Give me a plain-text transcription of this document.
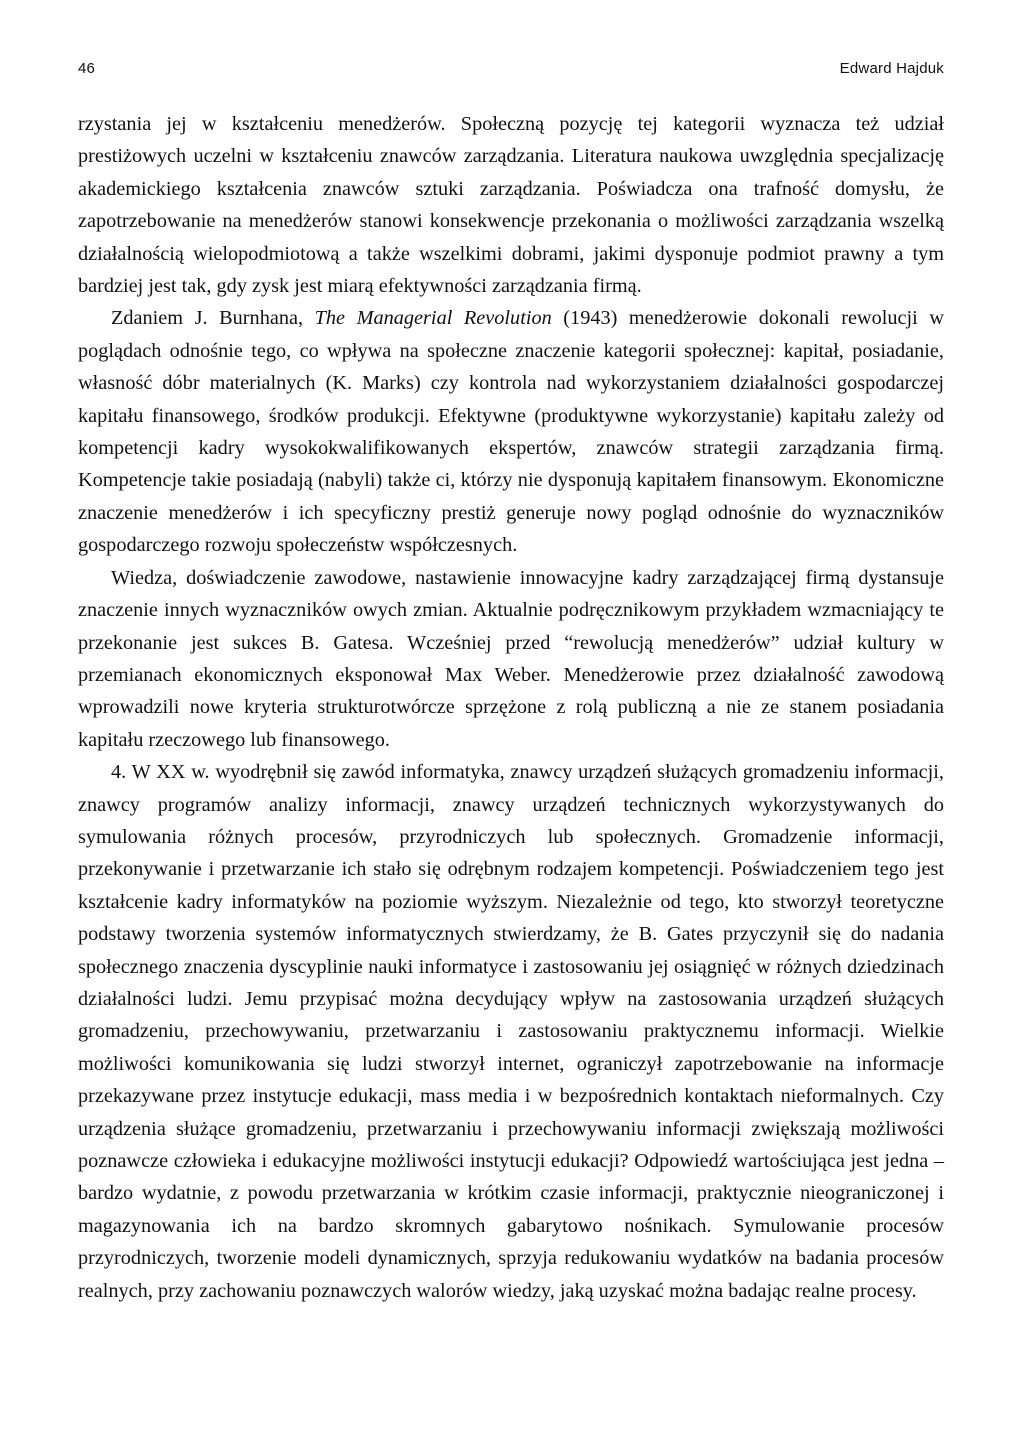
46	Edward Hajduk

rzystania jej w kształceniu menedżerów. Społeczną pozycję tej kategorii wyznacza też udział prestiżowych uczelni w kształceniu znawców zarządzania. Literatura naukowa uwzględnia specjalizację akademickiego kształcenia znawców sztuki zarządzania. Poświadcza ona trafność domysłu, że zapotrzebowanie na menedżerów stanowi konsekwencje przekonania o możliwości zarządzania wszelką działalnością wielopodmiotową a także wszelkimi dobrami, jakimi dysponuje podmiot prawny a tym bardziej jest tak, gdy zysk jest miarą efektywności zarządzania firmą.

Zdaniem J. Burnhana, The Managerial Revolution (1943) menedżerowie dokonali rewolucji w poglądach odnośnie tego, co wpływa na społeczne znaczenie kategorii społecznej: kapitał, posiadanie, własność dóbr materialnych (K. Marks) czy kontrola nad wykorzystaniem działalności gospodarczej kapitału finansowego, środków produkcji. Efektywne (produktywne wykorzystanie) kapitału zależy od kompetencji kadry wysokokwalifikowanych ekspertów, znawców strategii zarządzania firmą. Kompetencje takie posiadają (nabyli) także ci, którzy nie dysponują kapitałem finansowym. Ekonomiczne znaczenie menedżerów i ich specyficzny prestiż generuje nowy pogląd odnośnie do wyznaczników gospodarczego rozwoju społeczeństw współczesnych.

Wiedza, doświadczenie zawodowe, nastawienie innowacyjne kadry zarządzającej firmą dystansuje znaczenie innych wyznaczników owych zmian. Aktualnie podręcznikowym przykładem wzmacniający te przekonanie jest sukces B. Gatesa. Wcześniej przed “rewolucją menedżerów” udział kultury w przemianach ekonomicznych eksponował Max Weber. Menedżerowie przez działalność zawodową wprowadzili nowe kryteria strukturotwórcze sprzężone z rolą publiczną a nie ze stanem posiadania kapitału rzeczowego lub finansowego.

4. W XX w. wyodrębnił się zawód informatyka, znawcy urządzeń służących gromadzeniu informacji, znawcy programów analizy informacji, znawcy urządzeń technicznych wykorzystywanych do symulowania różnych procesów, przyrodniczych lub społecznych. Gromadzenie informacji, przekonywanie i przetwarzanie ich stało się odrębnym rodzajem kompetencji. Poświadczeniem tego jest kształcenie kadry informatyków na poziomie wyższym. Niezależnie od tego, kto stworzył teoretyczne podstawy tworzenia systemów informatycznych stwierdzamy, że B. Gates przyczynił się do nadania społecznego znaczenia dyscyplinie nauki informatyce i zastosowaniu jej osiągnięć w różnych dziedzinach działalności ludzi. Jemu przypisać można decydujący wpływ na zastosowania urządzeń służących gromadzeniu, przechowywaniu, przetwarzaniu i zastosowaniu praktycznemu informacji. Wielkie możliwości komunikowania się ludzi stworzył internet, ograniczył zapotrzebowanie na informacje przekazywane przez instytucje edukacji, mass media i w bezpośrednich kontaktach nieformalnych. Czy urządzenia służące gromadzeniu, przetwarzaniu i przechowywaniu informacji zwiększają możliwości poznawcze człowieka i edukacyjne możliwości instytucji edukacji? Odpowiedź wartościująca jest jedna – bardzo wydatnie, z powodu przetwarzania w krótkim czasie informacji, praktycznie nieograniczonej i magazynowania ich na bardzo skromnych gabarytowo nośnikach. Symulowanie procesów przyrodniczych, tworzenie modeli dynamicznych, sprzyja redukowaniu wydatków na badania procesów realnych, przy zachowaniu poznawczych walorów wiedzy, jaką uzyskać można badając realne procesy.
